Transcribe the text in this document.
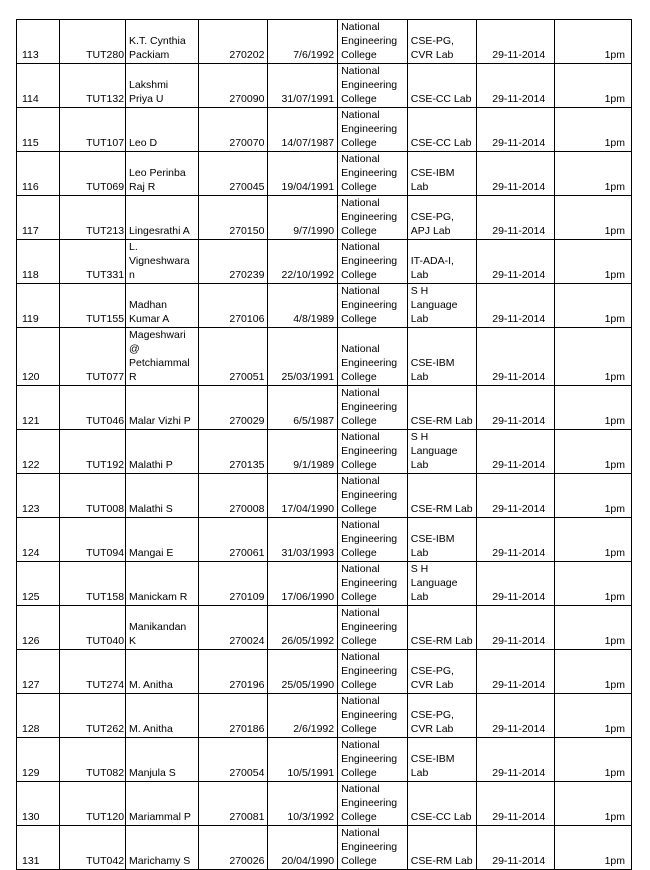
113	TUT280	K.T. Cynthia Packiam	270202	7/6/1992	National Engineering College	CSE-PG, CVR Lab	29-11-2014	1pm
114	TUT132	Lakshmi Priya U	270090	31/07/1991	National Engineering College	CSE-CC Lab	29-11-2014	1pm
115	TUT107	Leo D	270070	14/07/1987	National Engineering College	CSE-CC Lab	29-11-2014	1pm
116	TUT069	Leo Perinba Raj R	270045	19/04/1991	National Engineering College	CSE-IBM Lab	29-11-2014	1pm
117	TUT213	Lingesrathi A	270150	9/7/1990	National Engineering College	CSE-PG, APJ Lab	29-11-2014	1pm
118	TUT331	L. Vigneshwaran	270239	22/10/1992	National Engineering College	IT-ADA-I, Lab	29-11-2014	1pm
119	TUT155	Madhan Kumar A	270106	4/8/1989	National Engineering College	S H Language Lab	29-11-2014	1pm
120	TUT077	Mageshwari @ Petchiammal R	270051	25/03/1991	National Engineering College	CSE-IBM Lab	29-11-2014	1pm
121	TUT046	Malar Vizhi P	270029	6/5/1987	National Engineering College	CSE-RM Lab	29-11-2014	1pm
122	TUT192	Malathi P	270135	9/1/1989	National Engineering College	S H Language Lab	29-11-2014	1pm
123	TUT008	Malathi S	270008	17/04/1990	National Engineering College	CSE-RM Lab	29-11-2014	1pm
124	TUT094	Mangai E	270061	31/03/1993	National Engineering College	CSE-IBM Lab	29-11-2014	1pm
125	TUT158	Manickam R	270109	17/06/1990	National Engineering College	S H Language Lab	29-11-2014	1pm
126	TUT040	Manikandan K	270024	26/05/1992	National Engineering College	CSE-RM Lab	29-11-2014	1pm
127	TUT274	M. Anitha	270196	25/05/1990	National Engineering College	CSE-PG, CVR Lab	29-11-2014	1pm
128	TUT262	M. Anitha	270186	2/6/1992	National Engineering College	CSE-PG, CVR Lab	29-11-2014	1pm
129	TUT082	Manjula S	270054	10/5/1991	National Engineering College	CSE-IBM Lab	29-11-2014	1pm
130	TUT120	Mariammal P	270081	10/3/1992	National Engineering College	CSE-CC Lab	29-11-2014	1pm
131	TUT042	Marichamy S	270026	20/04/1990	National Engineering College	CSE-RM Lab	29-11-2014	1pm
